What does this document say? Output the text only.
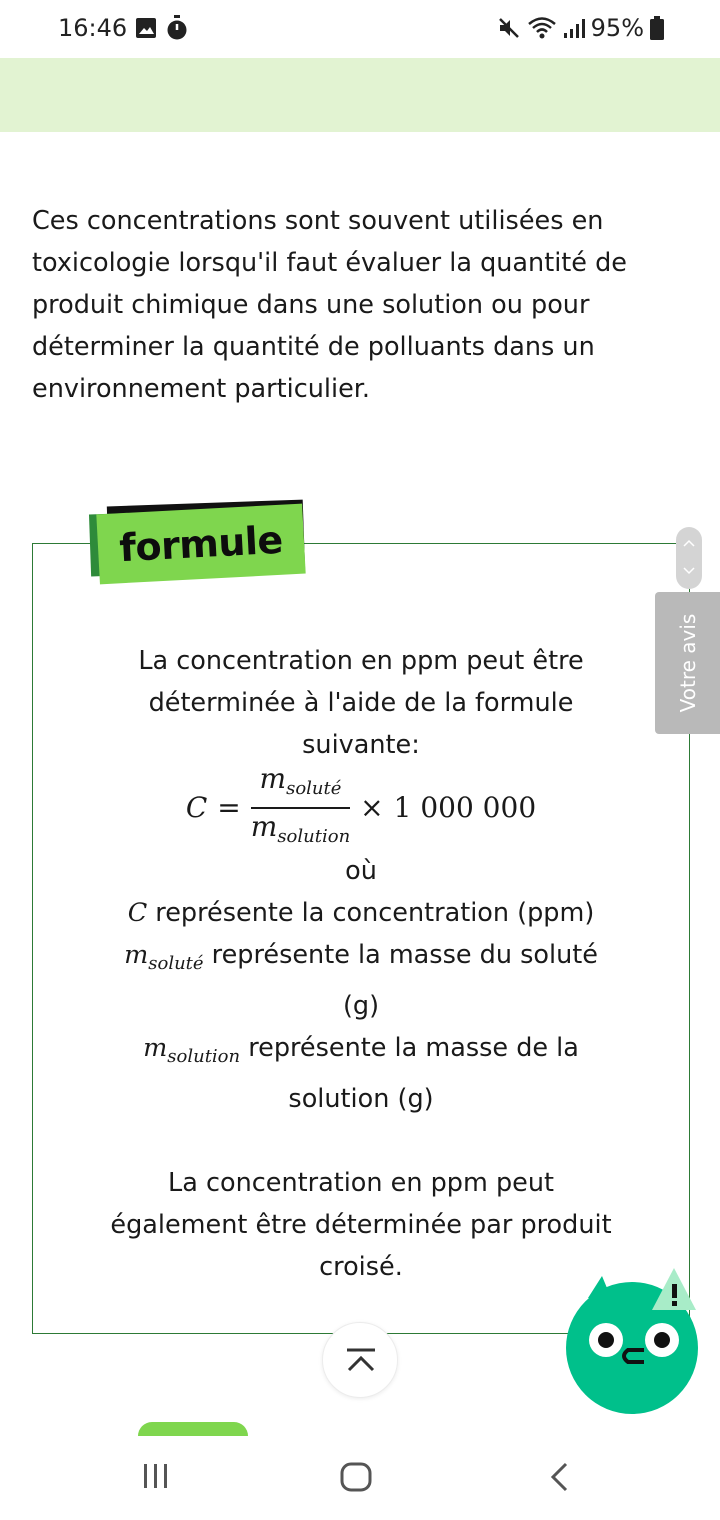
16:46	95%

Ces concentrations sont souvent utilisées en toxicologie lorsqu'il faut évaluer la quantité de produit chimique dans une solution ou pour déterminer la quantité de polluants dans un environnement particulier.

formule
La concentration en ppm peut être
déterminée à l'aide de la formule
suivante:
$C = \frac{m_{soluté}}{m_{solution}} \times 1$ 000 000
où
C représente la concentration (ppm)
$m_{soluté}$ représente la masse du soluté
(g)
$m_{solution}$ représente la masse de la
solution (g)
La concentration en ppm peut
également être déterminée par produit
croisé.
Votre avis
